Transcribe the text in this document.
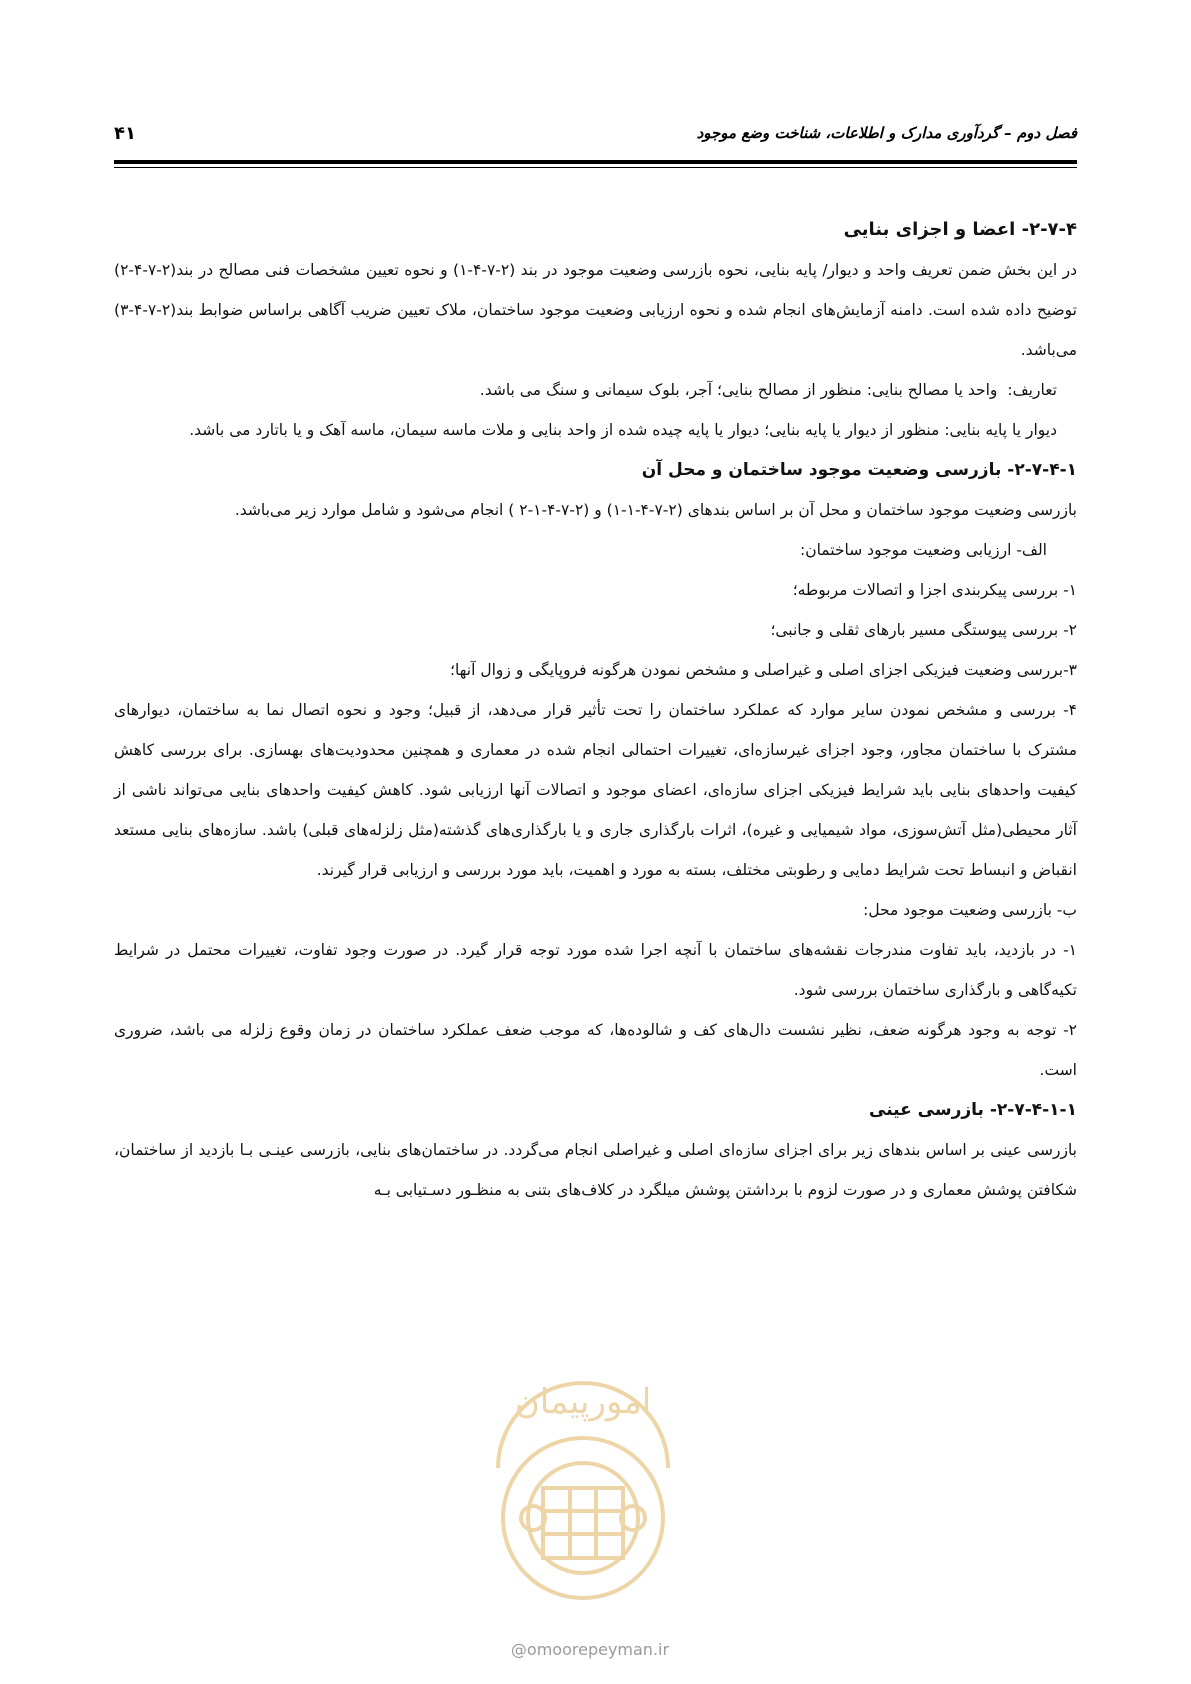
فصل دوم – گردآوری مدارک و اطلاعات، شناخت وضع موجود
۴۱

۲-۷-۴- اعضا و اجزای بنایی

در این بخش ضمن تعریف واحد و دیوار/ پایه بنایی، نحوه بازرسی وضعیت موجود در بند (۲-۷-۴-۱) و نحوه تعیین مشخصات فنی مصالح در بند(۲-۷-۴-۲) توضیح داده شده است. دامنه آزمایش‌های انجام شده و نحوه ارزیابی وضعیت موجود ساختمان، ملاک تعیین ضریب آگاهی براساس ضوابط بند(۲-۷-۴-۳) می‌باشد.

تعاریف:واحد یا مصالح بنایی: منظور از مصالح بنایی؛ آجر، بلوک سیمانی و سنگ می باشد.

دیوار یا پایه بنایی: منظور از دیوار یا پایه بنایی؛ دیوار یا پایه چیده شده از واحد بنایی و ملات ماسه سیمان، ماسه آهک و یا باتارد می باشد.

۲-۷-۴-۱- بازرسی وضعیت موجود ساختمان و محل آن

بازرسی وضعیت موجود ساختمان و محل آن بر اساس بندهای (۲-۷-۴-۱-۱) و (۲-۷-۴-۱-۲ ) انجام می‌شود و شامل موارد زیر می‌باشد.

الف- ارزیابی وضعیت موجود ساختمان:

۱- بررسی پیکربندی اجزا و اتصالات مربوطه؛

۲- بررسی پیوستگی مسیر بارهای ثقلی و جانبی؛

۳-بررسی وضعیت فیزیکی اجزای اصلی و غیراصلی و مشخص نمودن هرگونه فروپایگی و زوال آنها؛

۴- بررسی و مشخص نمودن سایر موارد که عملکرد ساختمان را تحت تأثیر قرار می‌دهد، از قبیل؛ وجود و نحوه اتصال نما به ساختمان، دیوارهای مشترک با ساختمان مجاور، وجود اجزای غیرسازه‌ای، تغییرات احتمالی انجام شده در معماری و همچنین محدودیت‌های بهسازی. برای بررسی کاهش کیفیت واحدهای بنایی باید شرایط فیزیکی اجزای سازه‌ای، اعضای موجود و اتصالات آنها ارزیابی شود. کاهش کیفیت واحدهای بنایی می‌تواند ناشی از آثار محیطی(مثل آتش‌سوزی، مواد شیمیایی و غیره)، اثرات بارگذاری جاری و یا بارگذاری‌های گذشته(مثل زلزله‌های قبلی) باشد. سازه‌های بنایی مستعد انقباض و انبساط تحت شرایط دمایی و رطوبتی مختلف، بسته به مورد و اهمیت، باید مورد بررسی و ارزیابی قرار گیرند.

ب- بازرسی وضعیت موجود محل:

۱- در بازدید، باید تفاوت مندرجات نقشه‌های ساختمان با آنچه اجرا شده مورد توجه قرار گیرد. در صورت وجود تفاوت، تغییرات محتمل در شرایط تکیه‌گاهی و بارگذاری ساختمان بررسی شود.

۲- توجه به وجود هرگونه ضعف، نظیر نشست دال‌های کف و شالوده‌ها، که موجب ضعف عملکرد ساختمان در زمان وقوع زلزله می باشد، ضروری است.

۲-۷-۴-۱-۱- بازرسی عینی

بازرسی عینی بر اساس بندهای زیر برای اجزای سازه‌ای اصلی و غیراصلی انجام می‌گردد. در ساختمان‌های بنایی، بازرسی عینـی بـا بازدید از ساختمان، شکافتن پوشش معماری و در صورت لزوم با برداشتن پوشش میلگرد در کلاف‌های بتنی به منظـور دسـتیابی بـه

امورپیمان
@omoorepeyman.ir
